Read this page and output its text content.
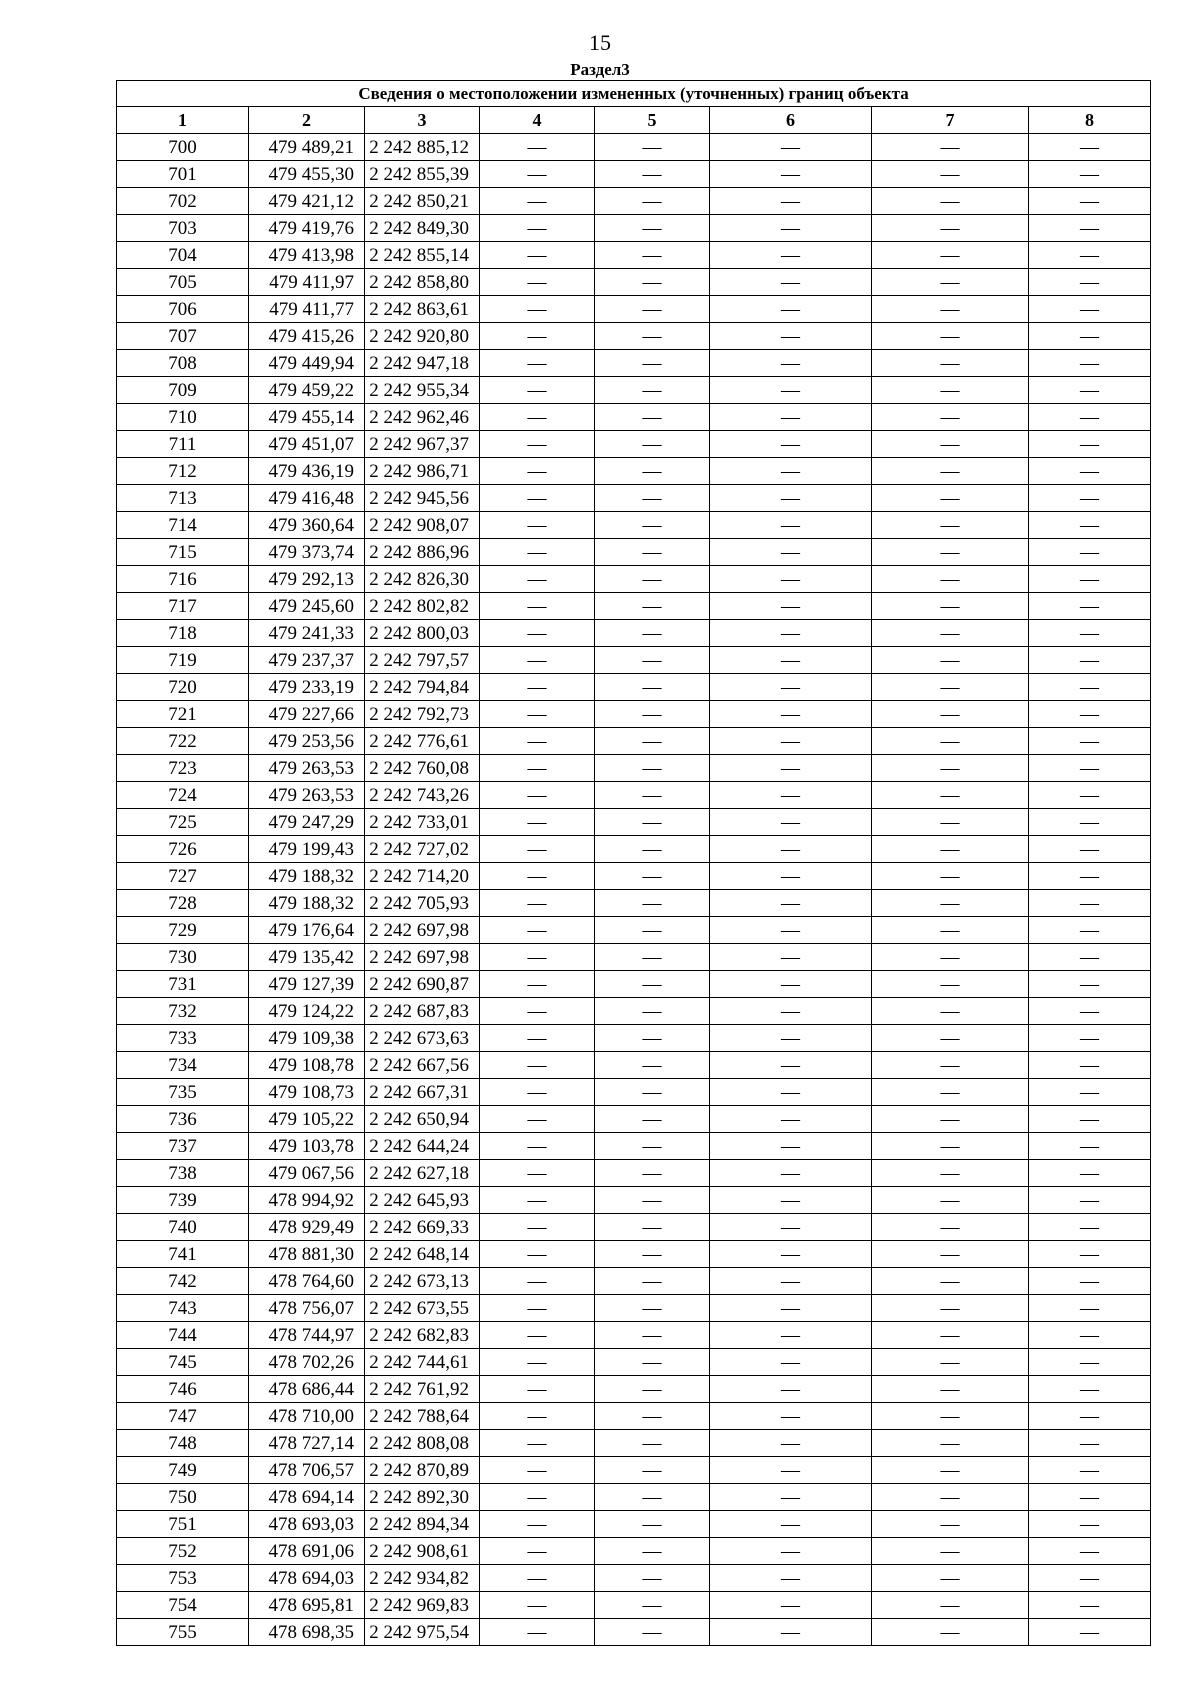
15
Раздел3
Сведения о местоположении измененных (уточненных) границ объекта							
1	2	3	4	5	6	7	8
700	479 489,21	2 242 885,12	—	—	—	—	—
701	479 455,30	2 242 855,39	—	—	—	—	—
702	479 421,12	2 242 850,21	—	—	—	—	—
703	479 419,76	2 242 849,30	—	—	—	—	—
704	479 413,98	2 242 855,14	—	—	—	—	—
705	479 411,97	2 242 858,80	—	—	—	—	—
706	479 411,77	2 242 863,61	—	—	—	—	—
707	479 415,26	2 242 920,80	—	—	—	—	—
708	479 449,94	2 242 947,18	—	—	—	—	—
709	479 459,22	2 242 955,34	—	—	—	—	—
710	479 455,14	2 242 962,46	—	—	—	—	—
711	479 451,07	2 242 967,37	—	—	—	—	—
712	479 436,19	2 242 986,71	—	—	—	—	—
713	479 416,48	2 242 945,56	—	—	—	—	—
714	479 360,64	2 242 908,07	—	—	—	—	—
715	479 373,74	2 242 886,96	—	—	—	—	—
716	479 292,13	2 242 826,30	—	—	—	—	—
717	479 245,60	2 242 802,82	—	—	—	—	—
718	479 241,33	2 242 800,03	—	—	—	—	—
719	479 237,37	2 242 797,57	—	—	—	—	—
720	479 233,19	2 242 794,84	—	—	—	—	—
721	479 227,66	2 242 792,73	—	—	—	—	—
722	479 253,56	2 242 776,61	—	—	—	—	—
723	479 263,53	2 242 760,08	—	—	—	—	—
724	479 263,53	2 242 743,26	—	—	—	—	—
725	479 247,29	2 242 733,01	—	—	—	—	—
726	479 199,43	2 242 727,02	—	—	—	—	—
727	479 188,32	2 242 714,20	—	—	—	—	—
728	479 188,32	2 242 705,93	—	—	—	—	—
729	479 176,64	2 242 697,98	—	—	—	—	—
730	479 135,42	2 242 697,98	—	—	—	—	—
731	479 127,39	2 242 690,87	—	—	—	—	—
732	479 124,22	2 242 687,83	—	—	—	—	—
733	479 109,38	2 242 673,63	—	—	—	—	—
734	479 108,78	2 242 667,56	—	—	—	—	—
735	479 108,73	2 242 667,31	—	—	—	—	—
736	479 105,22	2 242 650,94	—	—	—	—	—
737	479 103,78	2 242 644,24	—	—	—	—	—
738	479 067,56	2 242 627,18	—	—	—	—	—
739	478 994,92	2 242 645,93	—	—	—	—	—
740	478 929,49	2 242 669,33	—	—	—	—	—
741	478 881,30	2 242 648,14	—	—	—	—	—
742	478 764,60	2 242 673,13	—	—	—	—	—
743	478 756,07	2 242 673,55	—	—	—	—	—
744	478 744,97	2 242 682,83	—	—	—	—	—
745	478 702,26	2 242 744,61	—	—	—	—	—
746	478 686,44	2 242 761,92	—	—	—	—	—
747	478 710,00	2 242 788,64	—	—	—	—	—
748	478 727,14	2 242 808,08	—	—	—	—	—
749	478 706,57	2 242 870,89	—	—	—	—	—
750	478 694,14	2 242 892,30	—	—	—	—	—
751	478 693,03	2 242 894,34	—	—	—	—	—
752	478 691,06	2 242 908,61	—	—	—	—	—
753	478 694,03	2 242 934,82	—	—	—	—	—
754	478 695,81	2 242 969,83	—	—	—	—	—
755	478 698,35	2 242 975,54	—	—	—	—	—
